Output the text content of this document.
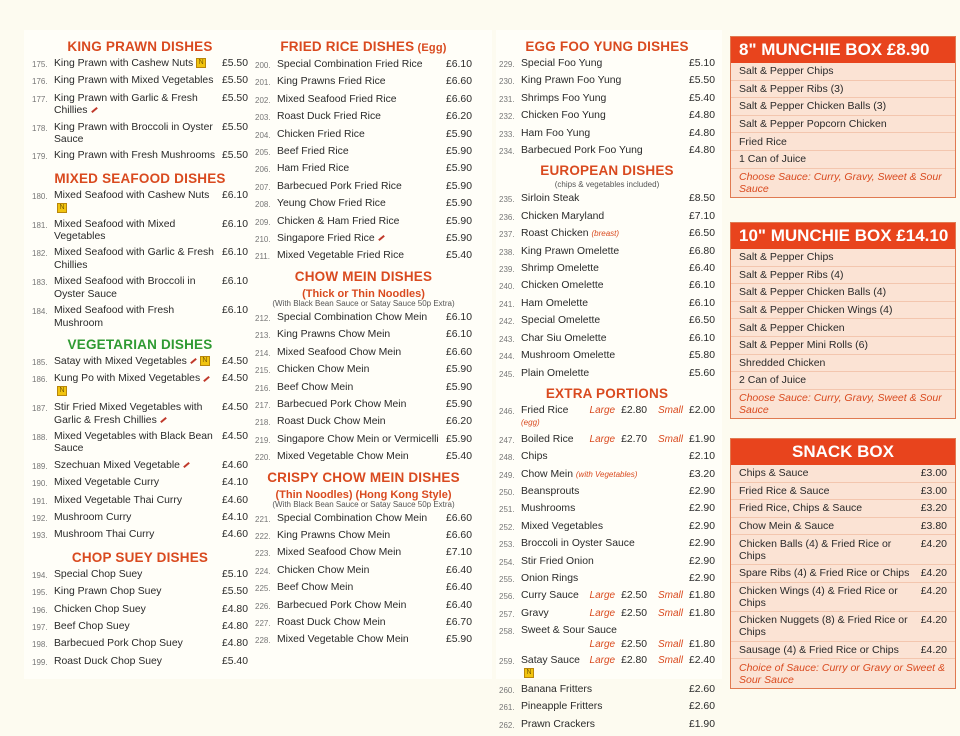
KING PRAWN DISHES
175. King Prawn with Cashew Nuts N	£5.50
176. King Prawn with Mixed Vegetables £5.50
177. King Prawn with Garlic & Fresh Chillies
£5.50
178. King Prawn with Broccoli in Oyster Sauce
£5.50
179. King Prawn with Fresh Mushrooms £5.50
MIXED SEAFOOD DISHES
180. Mixed Seafood with Cashew NutsN
£6.10
181. Mixed Seafood with Mixed Vegetables
£6.10
182. Mixed Seafood with Garlic & Fresh Chillies
£6.10
183. Mixed Seafood with Broccoli in Oyster Sauce
£6.10
184. Mixed Seafood with Fresh Mushroom
£6.10
VEGETARIAN DISHES
185. Satay with Mixed Vegetables N	£4.50
186. Kung Po with Mixed VegetablesN
£4.50
187. Stir Fried Mixed Vegetables with Garlic & Fresh Chillies
£4.50
188. Mixed Vegetables with Black Bean Sauce
£4.50
189. Szechuan Mixed Vegetable	£4.60
190. Mixed Vegetable Curry	£4.10
191. Mixed Vegetable Thai Curry	£4.60
192. Mushroom Curry	£4.10
193. Mushroom Thai Curry	£4.60
CHOP SUEY DISHES
194. Special Chop Suey	£5.10
195. King Prawn Chop Suey	£5.50
196. Chicken Chop Suey	£4.80
197. Beef Chop Suey	£4.80
198. Barbecued Pork Chop Suey	£4.80
199. Roast Duck Chop Suey	£5.40
FRIED RICE DISHES (Egg)
200. Special Combination Fried Rice	£6.10
201. King Prawns Fried Rice	£6.60
202. Mixed Seafood Fried Rice	£6.60
203. Roast Duck Fried Rice	£6.20
204. Chicken Fried Rice	£5.90
205. Beef Fried Rice	£5.90
206. Ham Fried Rice	£5.90
207. Barbecued Pork Fried Rice	£5.90
208. Yeung Chow Fried Rice	£5.90
209. Chicken & Ham Fried Rice	£5.90
210. Singapore Fried Rice	£5.90
211. Mixed Vegetable Fried Rice	£5.40
CHOW MEIN DISHES
(Thick or Thin Noodles)
(With Black Bean Sauce or Satay Sauce 50p Extra)
212. Special Combination Chow Mein	£6.10
213. King Prawns Chow Mein	£6.10
214. Mixed Seafood Chow Mein	£6.60
215. Chicken Chow Mein	£5.90
216. Beef Chow Mein	£5.90
217. Barbecued Pork Chow Mein	£5.90
218. Roast Duck Chow Mein	£6.20
219. Singapore Chow Mein or Vermicelli £5.90
220. Mixed Vegetable Chow Mein	£5.40
CRISPY CHOW MEIN DISHES
(Thin Noodles) (Hong Kong Style)
(With Black Bean Sauce or Satay Sauce 50p Extra)
221. Special Combination Chow Mein	£6.60
222. King Prawns Chow Mein	£6.60
223. Mixed Seafood Chow Mein	£7.10
224. Chicken Chow Mein	£6.40
225. Beef Chow Mein	£6.40
226. Barbecued Pork Chow Mein	£6.40
227. Roast Duck Chow Mein	£6.70
228. Mixed Vegetable Chow Mein	£5.90
EGG FOO YUNG DISHES
229. Special Foo Yung	£5.10
230. King Prawn Foo Yung	£5.50
231. Shrimps Foo Yung	£5.40
232. Chicken Foo Yung	£4.80
233. Ham Foo Yung	£4.80
234. Barbecued Pork Foo Yung	£4.80
EUROPEAN DISHES
(chips & vegetables included)
235. Sirloin Steak	£8.50
236. Chicken Maryland	£7.10
237. Roast Chicken (breast)	£6.50
238. King Prawn Omelette	£6.80
239. Shrimp Omelette	£6.40
240. Chicken Omelette	£6.10
241. Ham Omelette	£6.10
242. Special Omelette	£6.50
243. Char Siu Omelette	£6.10
244. Mushroom Omelette	£5.80
245. Plain Omelette	£5.60
EXTRA PORTIONS
246. Fried Rice (egg)
Large £2.80 Small £2.00
247. Boiled Rice	Large £2.70 Small £1.90
248. Chips	£2.10
249. Chow Mein (with Vegetables)	£3.20
250. Beansprouts	£2.90
251. Mushrooms	£2.90
252. Mixed Vegetables	£2.90
253. Broccoli in Oyster Sauce	£2.90
254. Stir Fried Onion	£2.90
255. Onion Rings	£2.90
256. Curry Sauce	Large £2.50 Small £1.80
257. Gravy	Large £2.50 Small £1.80
258. Sweet & Sour Sauce
Large £2.50 Small £1.80
259. Satay SauceN
Large £2.80 Small £2.40
260. Banana Fritters	£2.60
261. Pineapple Fritters	£2.60
262. Prawn Crackers	£1.90
8" MUNCHIE BOX £8.90
Salt & Pepper Chips
Salt & Pepper Ribs (3)
Salt & Pepper Chicken Balls (3)
Salt & Pepper Popcorn Chicken
Fried Rice
1 Can of Juice
Choose Sauce: Curry, Gravy, Sweet & Sour Sauce
10" MUNCHIE BOX £14.10
Salt & Pepper Chips
Salt & Pepper Ribs (4)
Salt & Pepper Chicken Balls (4)
Salt & Pepper Chicken Wings (4)
Salt & Pepper Chicken
Salt & Pepper Mini Rolls (6)
Shredded Chicken
2 Can of Juice
Choose Sauce: Curry, Gravy, Sweet & Sour Sauce
SNACK BOX
Chips & Sauce	£3.00
Fried Rice & Sauce	£3.00
Fried Rice, Chips & Sauce	£3.20
Chow Mein & Sauce	£3.80
Chicken Balls (4) & Fried Rice or Chips
£4.20
Spare Ribs (4) & Fried Rice or Chips £4.20
Chicken Wings (4) & Fried Rice or Chips
£4.20
Chicken Nuggets (8) & Fried Rice or Chips
£4.20
Sausage (4) & Fried Rice or Chips £4.20
Choice of Sauce: Curry or Gravy or Sweet & Sour Sauce
